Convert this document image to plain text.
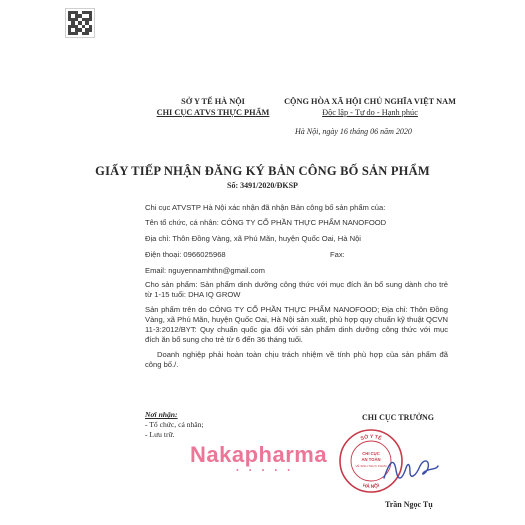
SỞ Y TẾ HÀ NỘI
CHI CỤC ATVS THỰC PHẨM
CỘNG HÒA XÃ HỘI CHỦ NGHĨA VIỆT NAM
Độc lập - Tự do - Hạnh phúc
Hà Nội, ngày 16 tháng 06 năm 2020
GIẤY TIẾP NHẬN ĐĂNG KÝ BẢN CÔNG BỐ SẢN PHẨM
Số: 3491/2020/ĐKSP
Chi cục ATVSTP Hà Nội xác nhận đã nhận Bản công bố sản phẩm của:
Tên tổ chức, cá nhân: CÔNG TY CỔ PHẦN THỰC PHẨM NANOFOOD
Địa chỉ: Thôn Đồng Vàng, xã Phú Mãn, huyện Quốc Oai, Hà Nội
Điện thoại: 0966025968	Fax:
Email: nguyennamhthn@gmail.com
Cho sản phẩm: Sản phẩm dinh dưỡng công thức với mục đích ăn bổ sung dành cho trẻ từ 1-15 tuổi: DHA IQ GROW
Sản phẩm trên do CÔNG TY CỔ PHẦN THỰC PHẨM NANOFOOD; Địa chỉ: Thôn Đồng Vàng, xã Phú Mãn, huyện Quốc Oai, Hà Nội sản xuất, phù hợp quy chuẩn kỹ thuật QCVN 11-3:2012/BYT: Quy chuẩn quốc gia đối với sản phẩm dinh dưỡng công thức với mục đích ăn bổ sung cho trẻ từ 6 đến 36 tháng tuổi.
Doanh nghiệp phải hoàn toàn chịu trách nhiệm về tính phù hợp của sản phẩm đã công bố./.
Nơi nhận:
- Tổ chức, cá nhân;
- Lưu trữ.
CHI CỤC TRƯỞNG
SỞ Y TẾ
HÀ NỘI
CHI CỤC
AN TOÀN
VỆ SINH THỰC PHẨM
Trần Ngọc Tụ
Nakapharma
• • • • •
